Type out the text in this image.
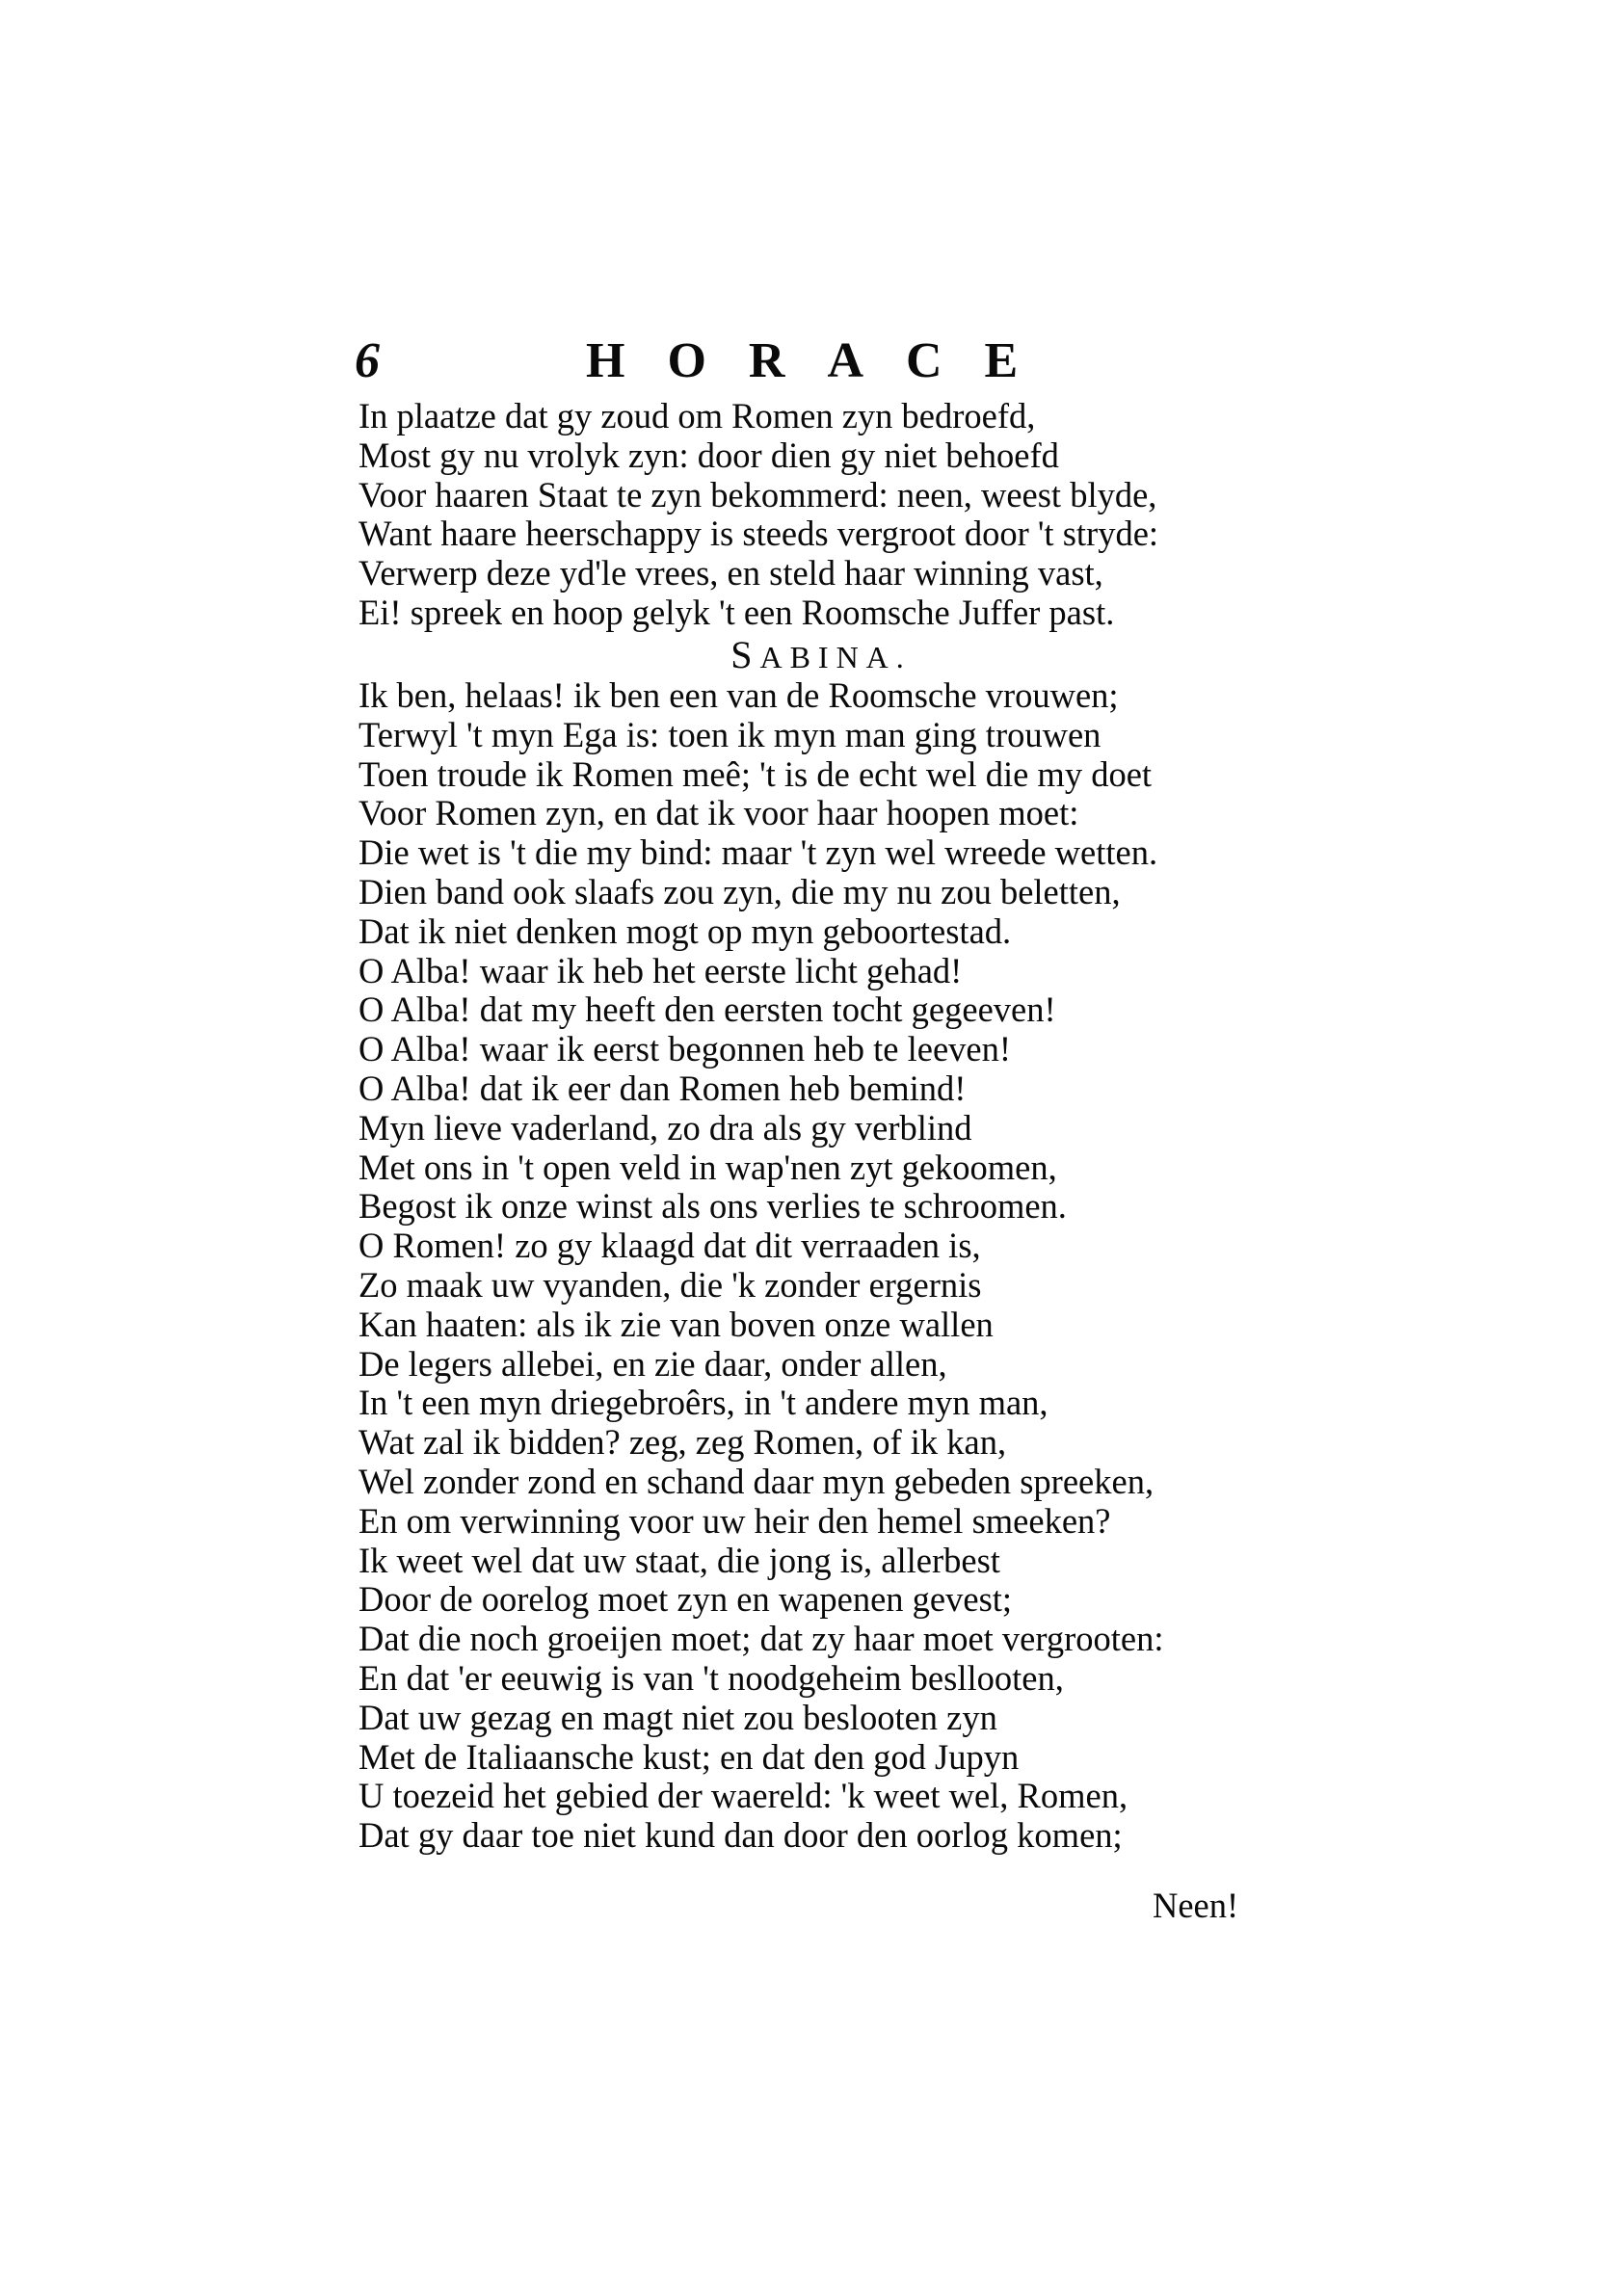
6	HORACE
In plaatze dat gy zoud om Romen zyn bedroefd,
Most gy nu vrolyk zyn: door dien gy niet behoefd
Voor haaren Staat te zyn bekommerd: neen, weest blyde,
Want haare heerschappy is steeds vergroot door 't stryde:
Verwerp deze yd'le vrees, en steld haar winning vast,
Ei! spreek en hoop gelyk 't een Roomsche Juffer past.
SABINA.
Ik ben, helaas! ik ben een van de Roomsche vrouwen;
Terwyl 't myn Ega is: toen ik myn man ging trouwen
Toen troude ik Romen meê; 't is de echt wel die my doet
Voor Romen zyn, en dat ik voor haar hoopen moet:
Die wet is 't die my bind: maar 't zyn wel wreede wetten.
Dien band ook slaafs zou zyn, die my nu zou beletten,
Dat ik niet denken mogt op myn geboortestad.
O Alba! waar ik heb het eerste licht gehad!
O Alba! dat my heeft den eersten tocht gegeeven!
O Alba! waar ik eerst begonnen heb te leeven!
O Alba! dat ik eer dan Romen heb bemind!
Myn lieve vaderland, zo dra als gy verblind
Met ons in 't open veld in wap'nen zyt gekoomen,
Begost ik onze winst als ons verlies te schroomen.
O Romen! zo gy klaagd dat dit verraaden is,
Zo maak uw vyanden, die 'k zonder ergernis
Kan haaten: als ik zie van boven onze wallen
De legers allebei, en zie daar, onder allen,
In 't een myn driegebroêrs, in 't andere myn man,
Wat zal ik bidden? zeg, zeg Romen, of ik kan,
Wel zonder zond en schand daar myn gebeden spreeken,
En om verwinning voor uw heir den hemel smeeken?
Ik weet wel dat uw staat, die jong is, allerbest
Door de oorelog moet zyn en wapenen gevest;
Dat die noch groeijen moet; dat zy haar moet vergrooten:
En dat 'er eeuwig is van 't noodgeheim besllooten,
Dat uw gezag en magt niet zou beslooten zyn
Met de Italiaansche kust; en dat den god Jupyn
U toezeid het gebied der waereld: 'k weet wel, Romen,
Dat gy daar toe niet kund dan door den oorlog komen;
Neen!
